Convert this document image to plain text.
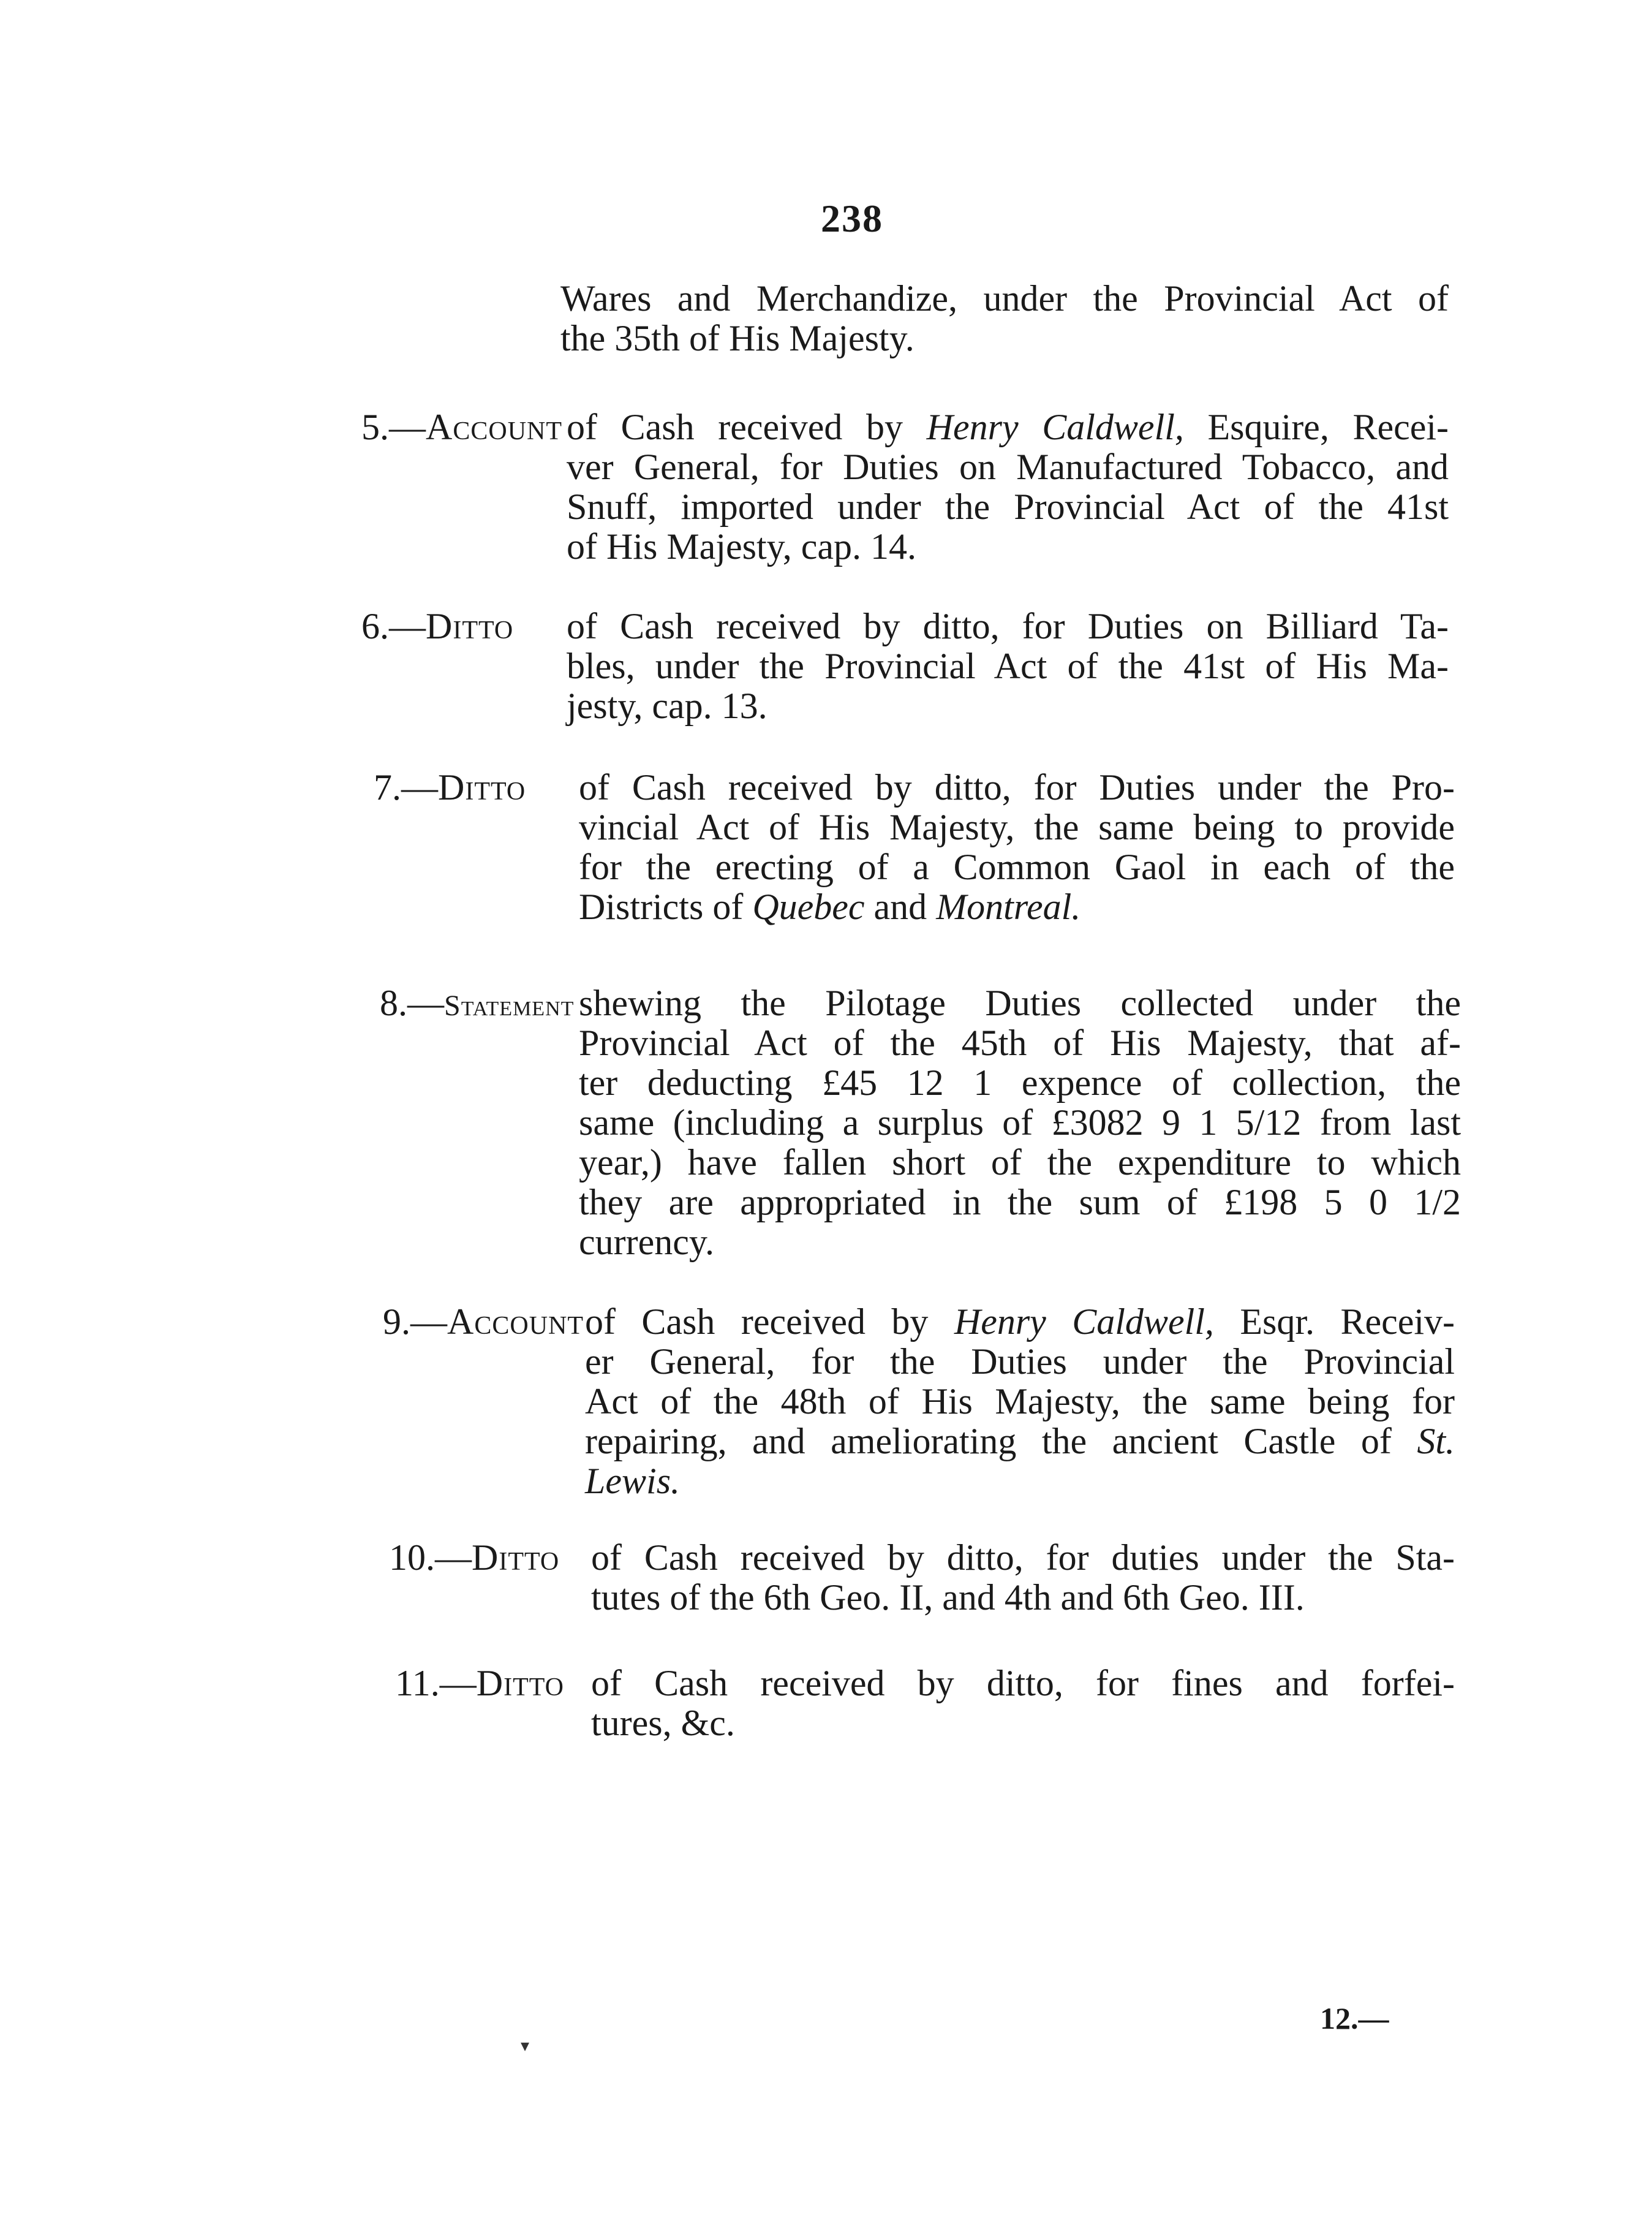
238
Wares and Merchandize, under the Provincial Act of
the 35th of His Majesty.
5.—Account of Cash received by Henry Caldwell, Esquire, Recei-
ver General, for Duties on Manufactured Tobacco, and
Snuff, imported under the Provincial Act of the 41st
of His Majesty, cap. 14.
6.—Ditto of Cash received by ditto, for Duties on Billiard Ta-
bles, under the Provincial Act of the 41st of His Ma-
jesty, cap. 13.
7.—Ditto of Cash received by ditto, for Duties under the Pro-
vincial Act of His Majesty, the same being to provide
for the erecting of a Common Gaol in each of the
Districts of Quebec and Montreal.
8.—Statement shewing the Pilotage Duties collected under the
Provincial Act of the 45th of His Majesty, that af-
ter deducting £45 12 1 expence of collection, the
same (including a surplus of £3082 9 1 5/12 from last
year,) have fallen short of the expenditure to which
they are appropriated in the sum of £198 5 0 1/2
currency.
9.—Account of Cash received by Henry Caldwell, Esqr. Receiv-
er General, for the Duties under the Provincial
Act of the 48th of His Majesty, the same being for
repairing, and ameliorating the ancient Castle of St.
Lewis.
10.—Ditto of Cash received by ditto, for duties under the Sta-
tutes of the 6th Geo. II, and 4th and 6th Geo. III.
11.—Ditto of Cash received by ditto, for fines and forfei-
tures, &c.
12.—
▾
